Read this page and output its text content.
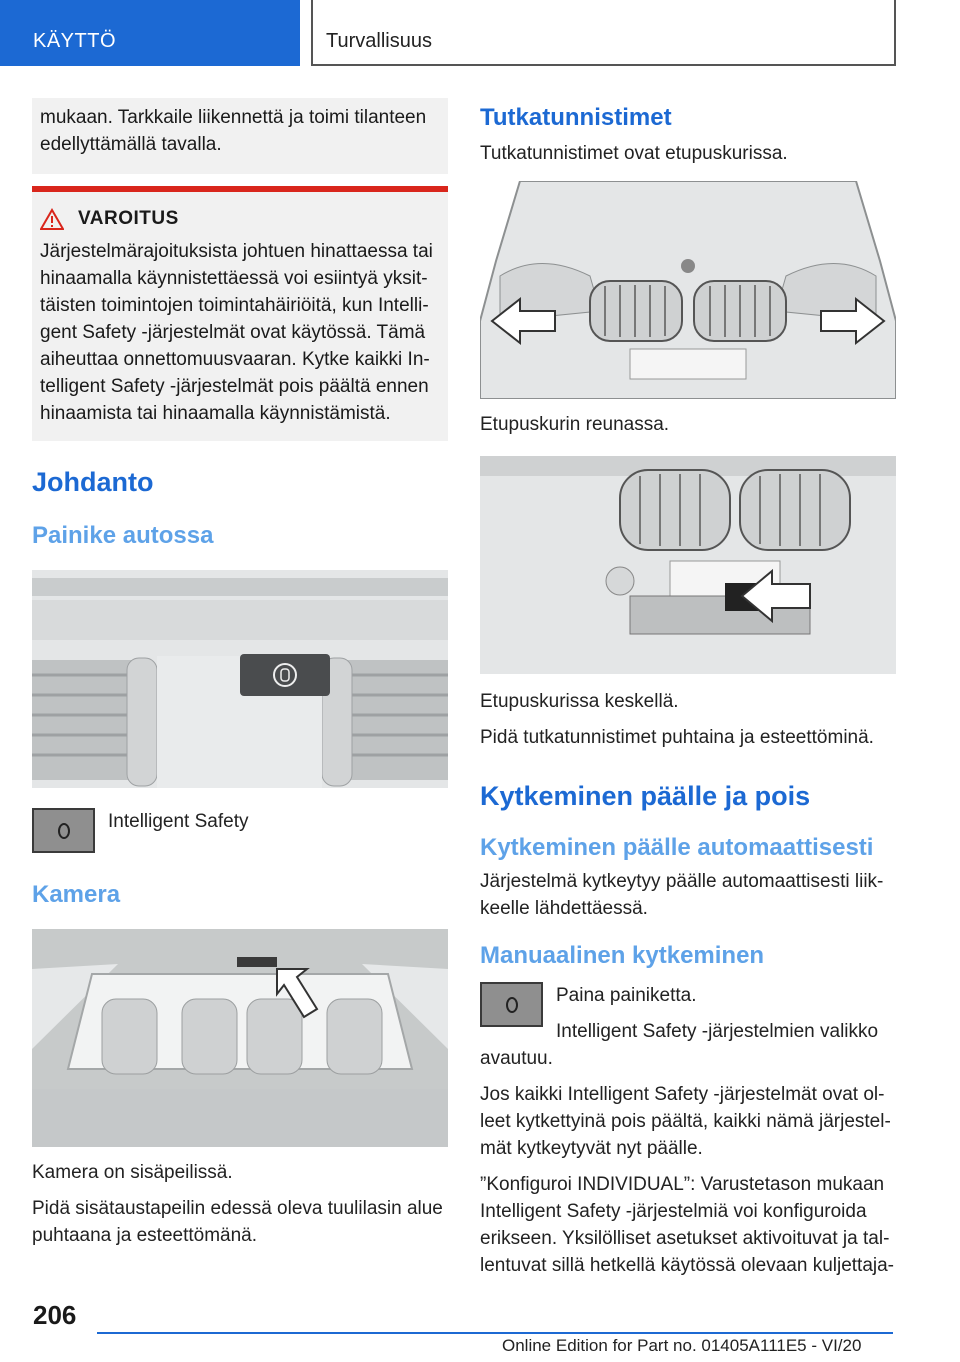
KÄYTTÖ	Turvallisuus

mukaan. Tarkkaile liikennettä ja toimi tilanteen edellyttämällä tavalla.

VAROITUS

Järjestelmärajoituksista johtuen hinattaessa tai hinaamalla käynnistettäessä voi esiintyä yksittäisten toimintojen toimintahäiriöitä, kun Intelligent Safety -järjestelmät ovat käytössä. Tämä aiheuttaa onnettomuusvaaran. Kytke kaikki Intelligent Safety -järjestelmät pois päältä ennen hinaamista tai hinaamalla käynnistämistä.

Johdanto
Painike autossa

Intelligent Safety

Kamera

Kamera on sisäpeilissä.

Pidä sisätaustapeilin edessä oleva tuulilasin alue puhtaana ja esteettömänä.

Tutkatunnistimet

Tutkatunnistimet ovat etupuskurissa.

Etupuskurin reunassa.

Etupuskurissa keskellä.

Pidä tutkatunnistimet puhtaina ja esteettöminä.

Kytkeminen päälle ja pois
Kytkeminen päälle automaattisesti

Järjestelmä kytkeytyy päälle automaattisesti liikkeelle lähdettäessä.

Manuaalinen kytkeminen

Paina painiketta.

Intelligent Safety -järjestelmien valikko

avautuu.

Jos kaikki Intelligent Safety -järjestelmät ovat olleet kytkettyinä pois päältä, kaikki nämä järjestelmät kytkeytyvät nyt päälle.

”Konfiguroi INDIVIDUAL”: Varustetason mukaan Intelligent Safety -järjestelmiä voi konfiguroida erikseen. Yksilölliset asetukset aktivoituvat ja tallentuvat sillä hetkellä käytössä olevaan kuljettaja-

206
Online Edition for Part no. 01405A111E5 - VI/20
